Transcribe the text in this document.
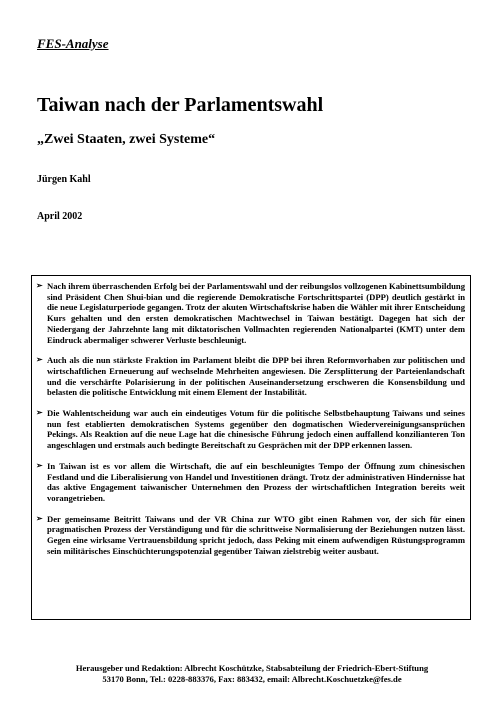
FES-Analyse
Taiwan nach der Parlamentswahl
„Zwei Staaten, zwei Systeme“
Jürgen Kahl
April 2002
➢ Nach ihrem überraschenden Erfolg bei der Parlamentswahl und der reibungslos vollzogenen Kabinettsumbildung sind Präsident Chen Shui-bian und die regierende Demokratische Fortschrittspartei (DPP) deutlich gestärkt in die neue Legislaturperiode gegangen. Trotz der akuten Wirtschaftskrise haben die Wähler mit ihrer Entscheidung Kurs gehalten und den ersten demokratischen Machtwechsel in Taiwan bestätigt. Dagegen hat sich der Niedergang der Jahrzehnte lang mit diktatorischen Vollmachten regierenden Nationalpartei (KMT) unter dem Eindruck abermaliger schwerer Verluste beschleunigt.
➢ Auch als die nun stärkste Fraktion im Parlament bleibt die DPP bei ihren Reformvorhaben zur politischen und wirtschaftlichen Erneuerung auf wechselnde Mehrheiten angewiesen. Die Zersplitterung der Parteienlandschaft und die verschärfte Polarisierung in der politischen Auseinandersetzung erschweren die Konsensbildung und belasten die politische Entwicklung mit einem Element der Instabilität.
➢ Die Wahlentscheidung war auch ein eindeutiges Votum für die politische Selbstbehauptung Taiwans und seines nun fest etablierten demokratischen Systems gegenüber den dogmatischen Wiedervereinigungsansprüchen Pekings. Als Reaktion auf die neue Lage hat die chinesische Führung jedoch einen auffallend konzilianteren Ton angeschlagen und erstmals auch bedingte Bereitschaft zu Gesprächen mit der DPP erkennen lassen.
➢ In Taiwan ist es vor allem die Wirtschaft, die auf ein beschleunigtes Tempo der Öffnung zum chinesischen Festland und die Liberalisierung von Handel und Investitionen drängt. Trotz der administrativen Hindernisse hat das aktive Engagement taiwanischer Unternehmen den Prozess der wirtschaftlichen Integration bereits weit vorangetrieben.
➢ Der gemeinsame Beitritt Taiwans und der VR China zur WTO gibt einen Rahmen vor, der sich für einen pragmatischen Prozess der Verständigung und für die schrittweise Normalisierung der Beziehungen nutzen lässt. Gegen eine wirksame Vertrauensbildung spricht jedoch, dass Peking mit einem aufwendigen Rüstungsprogramm sein militärisches Einschüchterungspotenzial gegenüber Taiwan zielstrebig weiter ausbaut.
Herausgeber und Redaktion: Albrecht Koschützke, Stabsabteilung der Friedrich-Ebert-Stiftung
53170 Bonn, Tel.: 0228-883376, Fax: 883432, email: Albrecht.Koschuetzke@fes.de
